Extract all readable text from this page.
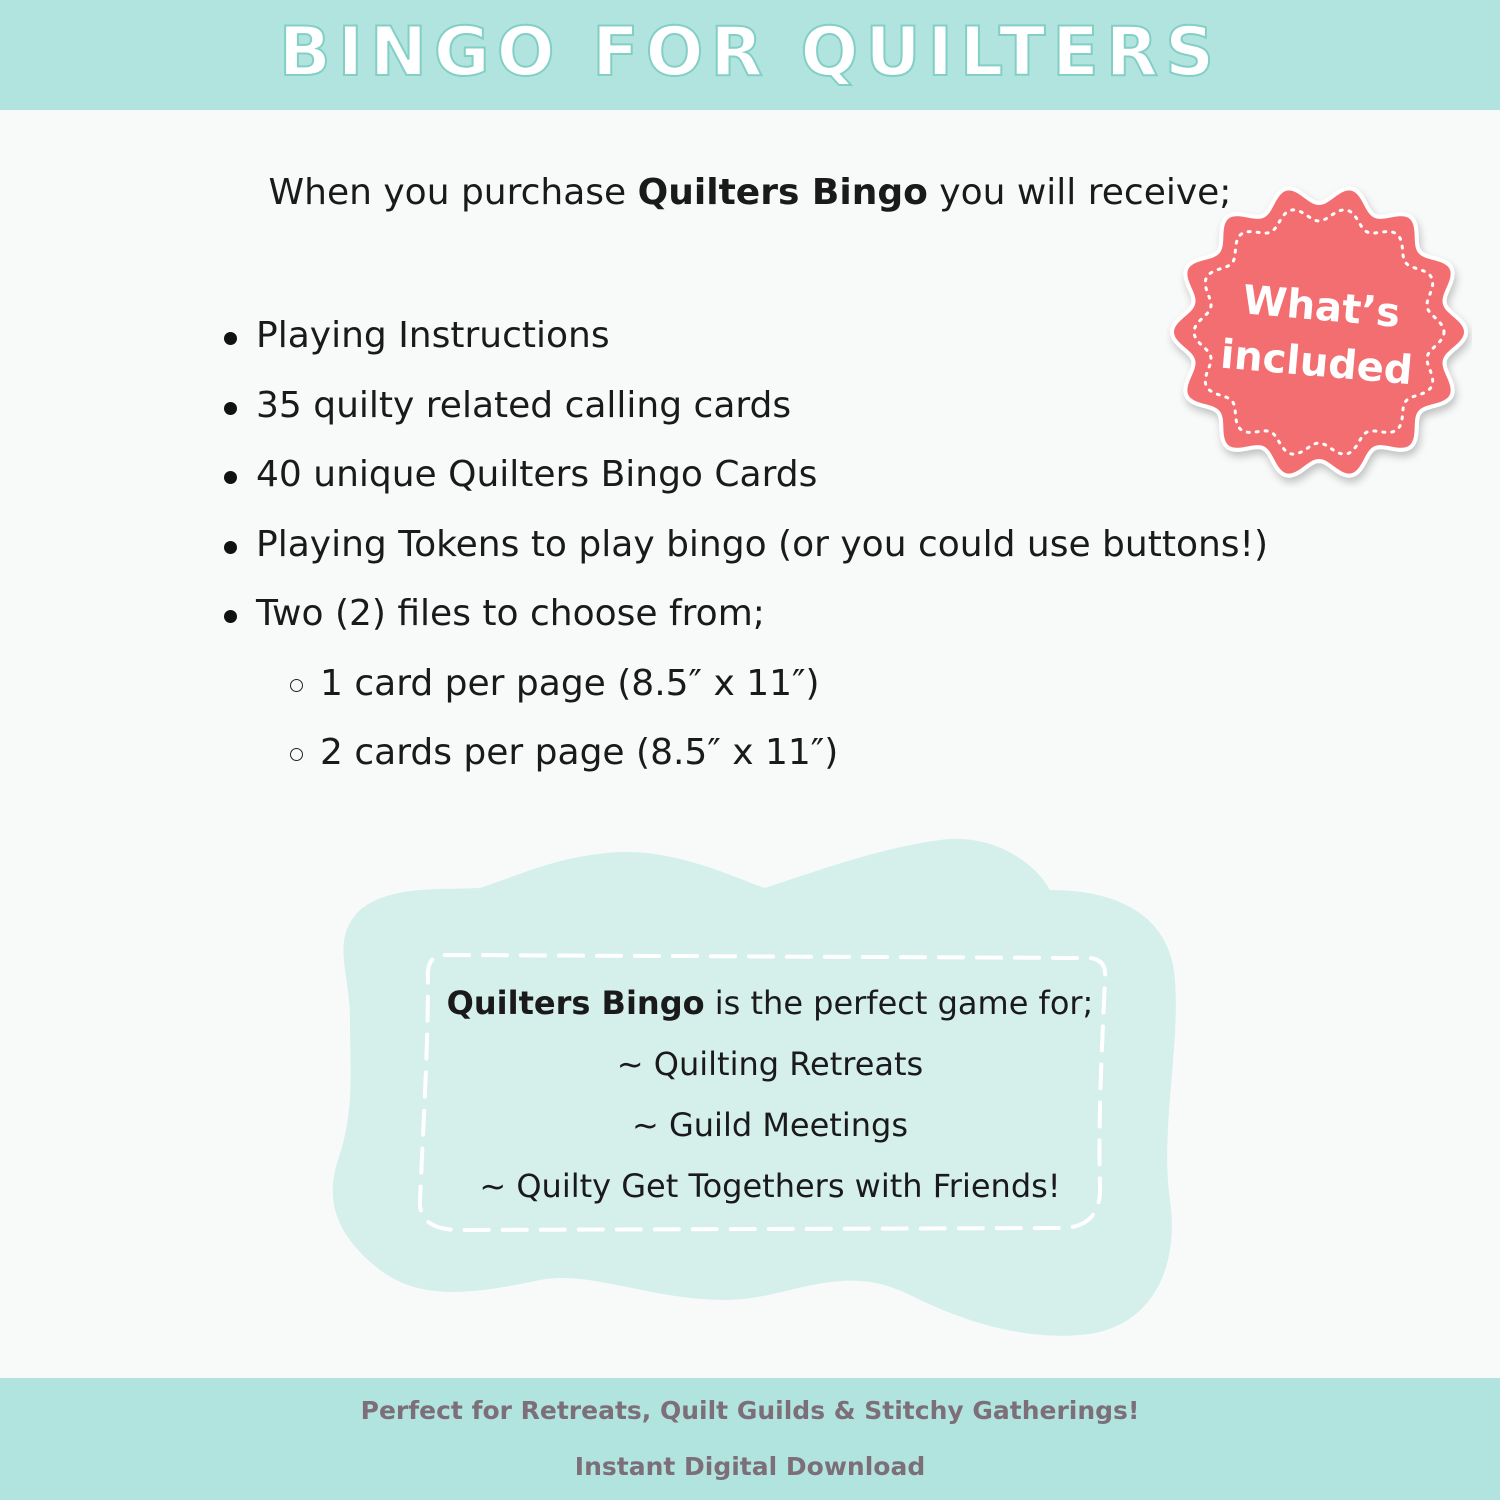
BINGO FOR QUILTERS
When you purchase Quilters Bingo you will receive;
What’s
included
Playing Instructions
35 quilty related calling cards
40 unique Quilters Bingo Cards
Playing Tokens to play bingo (or you could use buttons!)
Two (2) files to choose from;
1 card per page (8.5″ x 11″)
2 cards per page (8.5″ x 11″)
Quilters Bingo is the perfect game for;
~ Quilting Retreats
~ Guild Meetings
~ Quilty Get Togethers with Friends!
Perfect for Retreats, Quilt Guilds & Stitchy Gatherings!
Instant Digital Download
